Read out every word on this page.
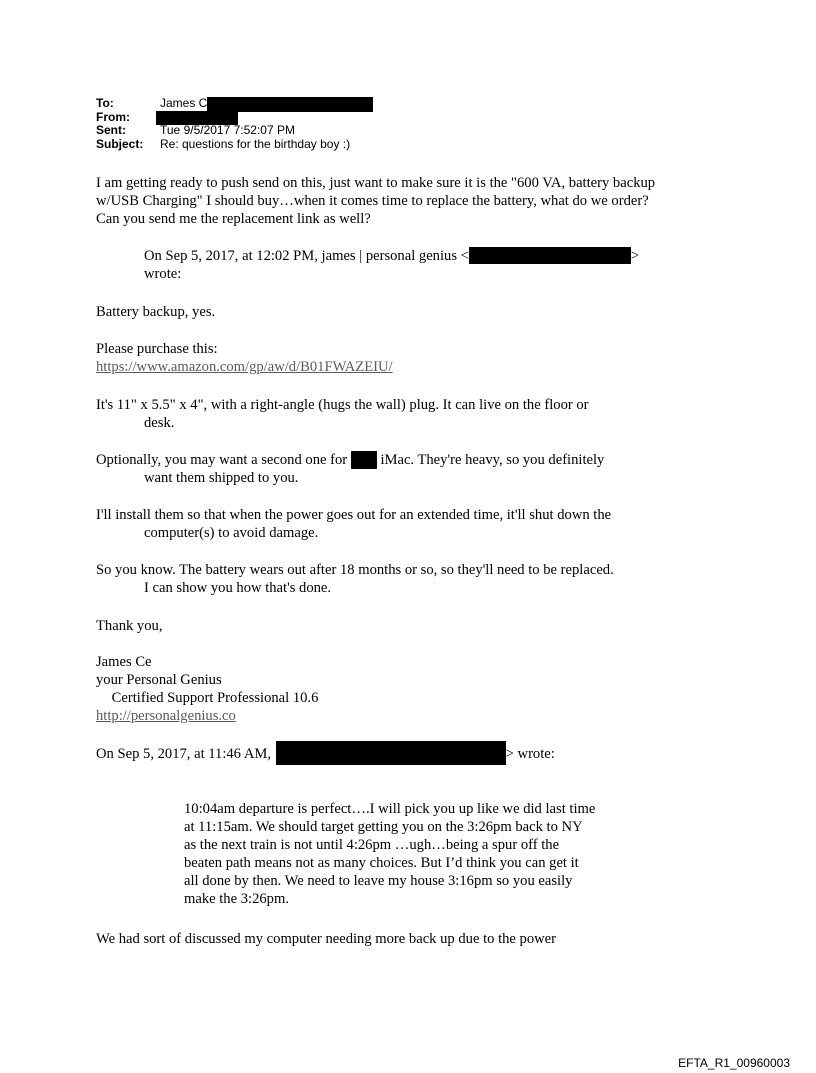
To:	James C
From:
Sent:	Tue 9/5/2017 7:52:07 PM
Subject: Re: questions for the birthday boy :)
I am getting ready to push send on this, just want to make sure it is the "600 VA, battery backup
w/USB Charging" I should buy…when it comes time to replace the battery, what do we order?
Can you send me the replacement link as well?
On Sep 5, 2017, at 12:02 PM, james | personal genius <	>
wrote:
Battery backup, yes.
Please purchase this:
https://www.amazon.com/gp/aw/d/B01FWAZEIU/
It's 11" x 5.5" x 4", with a right-angle (hugs the wall) plug. It can live on the floor or
desk.
Optionally, you may want a second one for  iMac. They're heavy, so you definitely
want them shipped to you.
I'll install them so that when the power goes out for an extended time, it'll shut down the
computer(s) to avoid damage.
So you know. The battery wears out after 18 months or so, so they'll need to be replaced.
I can show you how that's done.
Thank you,
James Ce
your Personal Genius
Certified Support Professional 10.6
http://personalgenius.co
On Sep 5, 2017, at 11:46 AM,	> wrote:
10:04am departure is perfect….I will pick you up like we did last time
at 11:15am. We should target getting you on the 3:26pm back to NY
as the next train is not until 4:26pm …ugh…being a spur off the
beaten path means not as many choices. But I’d think you can get it
all done by then. We need to leave my house 3:16pm so you easily
make the 3:26pm.
We had sort of discussed my computer needing more back up due to the power
EFTA_R1_00960003
